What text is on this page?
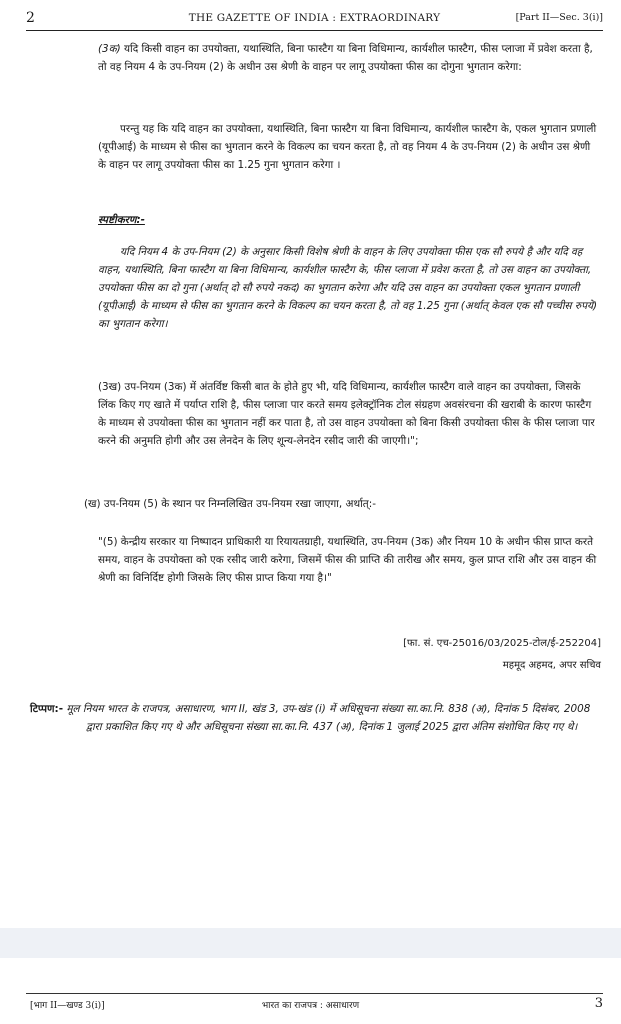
2	THE GAZETTE OF INDIA : EXTRAORDINARY	[Part II—Sec. 3(i)]

(3क) यदि किसी वाहन का उपयोक्ता, यथास्थिति, बिना फास्टैग या बिना विधिमान्य, कार्यशील फास्टैग, फीस प्लाजा में प्रवेश करता है, तो वह नियम 4 के उप-नियम (2) के अधीन उस श्रेणी के वाहन पर लागू उपयोक्ता फीस का दोगुना भुगतान करेगा:

परन्तु यह कि यदि वाहन का उपयोक्ता, यथास्थिति, बिना फास्टैग या बिना विधिमान्य, कार्यशील फास्टैग के, एकल भुगतान प्रणाली (यूपीआई) के माध्यम से फीस का भुगतान करने के विकल्प का चयन करता है, तो वह नियम 4 के उप-नियम (2) के अधीन उस श्रेणी के वाहन पर लागू उपयोक्ता फीस का 1.25 गुना भुगतान करेगा ।

स्पष्टीकरण:-

यदि नियम 4 के उप-नियम (2) के अनुसार किसी विशेष श्रेणी के वाहन के लिए उपयोक्ता फीस एक सौ रुपये है और यदि वह वाहन, यथास्थिति, बिना फास्टैग या बिना विधिमान्य, कार्यशील फास्टैग के, फीस प्लाजा में प्रवेश करता है, तो उस वाहन का उपयोक्ता, उपयोक्ता फीस का दो गुना (अर्थात् दो सौ रुपये नकद) का भुगतान करेगा और यदि उस वाहन का उपयोक्ता एकल भुगतान प्रणाली (यूपीआई) के माध्यम से फीस का भुगतान करने के विकल्प का चयन करता है, तो वह 1.25 गुना (अर्थात् केवल एक सौ पच्चीस रुपये) का भुगतान करेगा।

(3ख) उप-नियम (3क) में अंतर्विष्ट किसी बात के होते हुए भी, यदि विधिमान्य, कार्यशील फास्टैग वाले वाहन का उपयोक्ता, जिसके लिंक किए गए खाते में पर्याप्त राशि है, फीस प्लाजा पार करते समय इलेक्ट्रॉनिक टोल संग्रहण अवसंरचना की खराबी के कारण फास्टैग के माध्यम से उपयोक्ता फीस का भुगतान नहीं कर पाता है, तो उस वाहन उपयोक्ता को बिना किसी उपयोक्ता फीस के फीस प्लाजा पार करने की अनुमति होगी और उस लेनदेन के लिए शून्य-लेनदेन रसीद जारी की जाएगी।";

(ख) उप-नियम (5) के स्थान पर निम्नलिखित उप-नियम रखा जाएगा, अर्थात्:-

"(5) केन्द्रीय सरकार या निष्पादन प्राधिकारी या रियायतग्राही, यथास्थिति, उप-नियम (3क) और नियम 10 के अधीन फीस प्राप्त करते समय, वाहन के उपयोक्ता को एक रसीद जारी करेगा, जिसमें फीस की प्राप्ति की तारीख और समय, कुल प्राप्त राशि और उस वाहन की श्रेणी का विनिर्दिष्ट होगी जिसके लिए फीस प्राप्त किया गया है।"

[फा. सं. एच-25016/03/2025-टोल/ई-252204]

महमूद अहमद, अपर सचिव

टिप्पण:- मूल नियम भारत के राजपत्र, असाधारण, भाग II, खंड 3, उप-खंड (i) में अधिसूचना संख्या सा.का.नि. 838 (अ), दिनांक 5 दिसंबर, 2008 द्वारा प्रकाशित किए गए थे और अधिसूचना संख्या सा.का.नि. 437 (अ), दिनांक 1 जुलाई 2025 द्वारा अंतिम संशोधित किए गए थे।

[भाग II—खण्ड 3(i)]	भारत का राजपत्र : असाधारण	3
